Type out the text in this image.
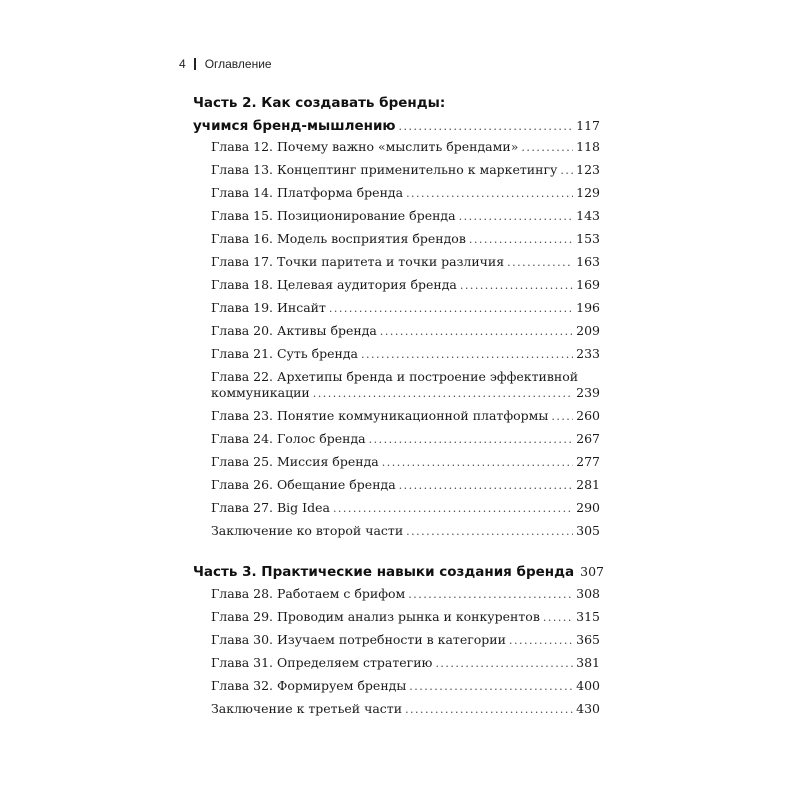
4 Оглавление
Часть 2. Как создавать бренды:
учимся бренд-мышлению . . .	117
Глава 12. Почему важно «мыслить брендами» . . .	118
Глава 13. Концептинг применительно к маркетингу . . . 123
Глава 14. Платформа бренда . . .	129
Глава 15. Позиционирование бренда . . .	143
Глава 16. Модель восприятия брендов . . .	153
Глава 17. Точки паритета и точки различия . . .	163
Глава 18. Целевая аудитория бренда . . .	169
Глава 19. Инсайт . . .	196
Глава 20. Активы бренда . . .	209
Глава 21. Суть бренда . . .	233
Глава 22. Архетипы бренда и построение эффективной
коммуникации . . .	239
Глава 23. Понятие коммуникационной платформы . . . 260
Глава 24. Голос бренда . . .	267
Глава 25. Миссия бренда . . .	277
Глава 26. Обещание бренда . . .	281
Глава 27. Big Idea . . .	290
Заключение ко второй части . . .	305
Часть 3. Практические навыки создания бренда 307
Глава 28. Работаем с брифом . . .	308
Глава 29. Проводим анализ рынка и конкурентов . . .	315
Глава 30. Изучаем потребности в категории . . .	365
Глава 31. Определяем стратегию . . .	381
Глава 32. Формируем бренды . . .	400
Заключение к третьей части . . .	430
